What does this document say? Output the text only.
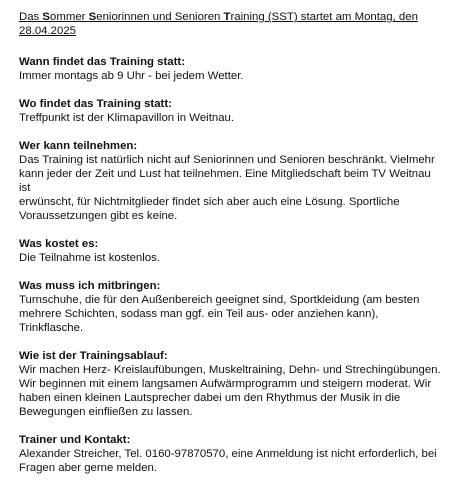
Das Sommer Seniorinnen und Senioren Training (SST) startet am Montag, den
28.04.2025
Wann findet das Training statt:

Immer montags ab 9 Uhr - bei jedem Wetter.

Wo findet das Training statt:

Treffpunkt ist der Klimapavillon in Weitnau.

Wer kann teilnehmen:

Das Training ist natürlich nicht auf Seniorinnen und Senioren beschränkt. Vielmehr

kann jeder der Zeit und Lust hat teilnehmen. Eine Mitgliedschaft beim TV Weitnau ist

erwünscht, für Nichtmitglieder findet sich aber auch eine Lösung. Sportliche

Voraussetzungen gibt es keine.

Was kostet es:

Die Teilnahme ist kostenlos.

Was muss ich mitbringen:

Turnschuhe, die für den Außenbereich geeignet sind, Sportkleidung (am besten

mehrere Schichten, sodass man ggf. ein Teil aus- oder anziehen kann), Trinkflasche.

Wie ist der Trainingsablauf:

Wir machen Herz- Kreislaufübungen, Muskeltraining, Dehn- und Strechingübungen.

Wir beginnen mit einem langsamen Aufwärmprogramm und steigern moderat. Wir

haben einen kleinen Lautsprecher dabei um den Rhythmus der Musik in die

Bewegungen einfließen zu lassen.

Trainer und Kontakt:

Alexander Streicher, Tel. 0160-97870570, eine Anmeldung ist nicht erforderlich, bei

Fragen aber gerne melden.
